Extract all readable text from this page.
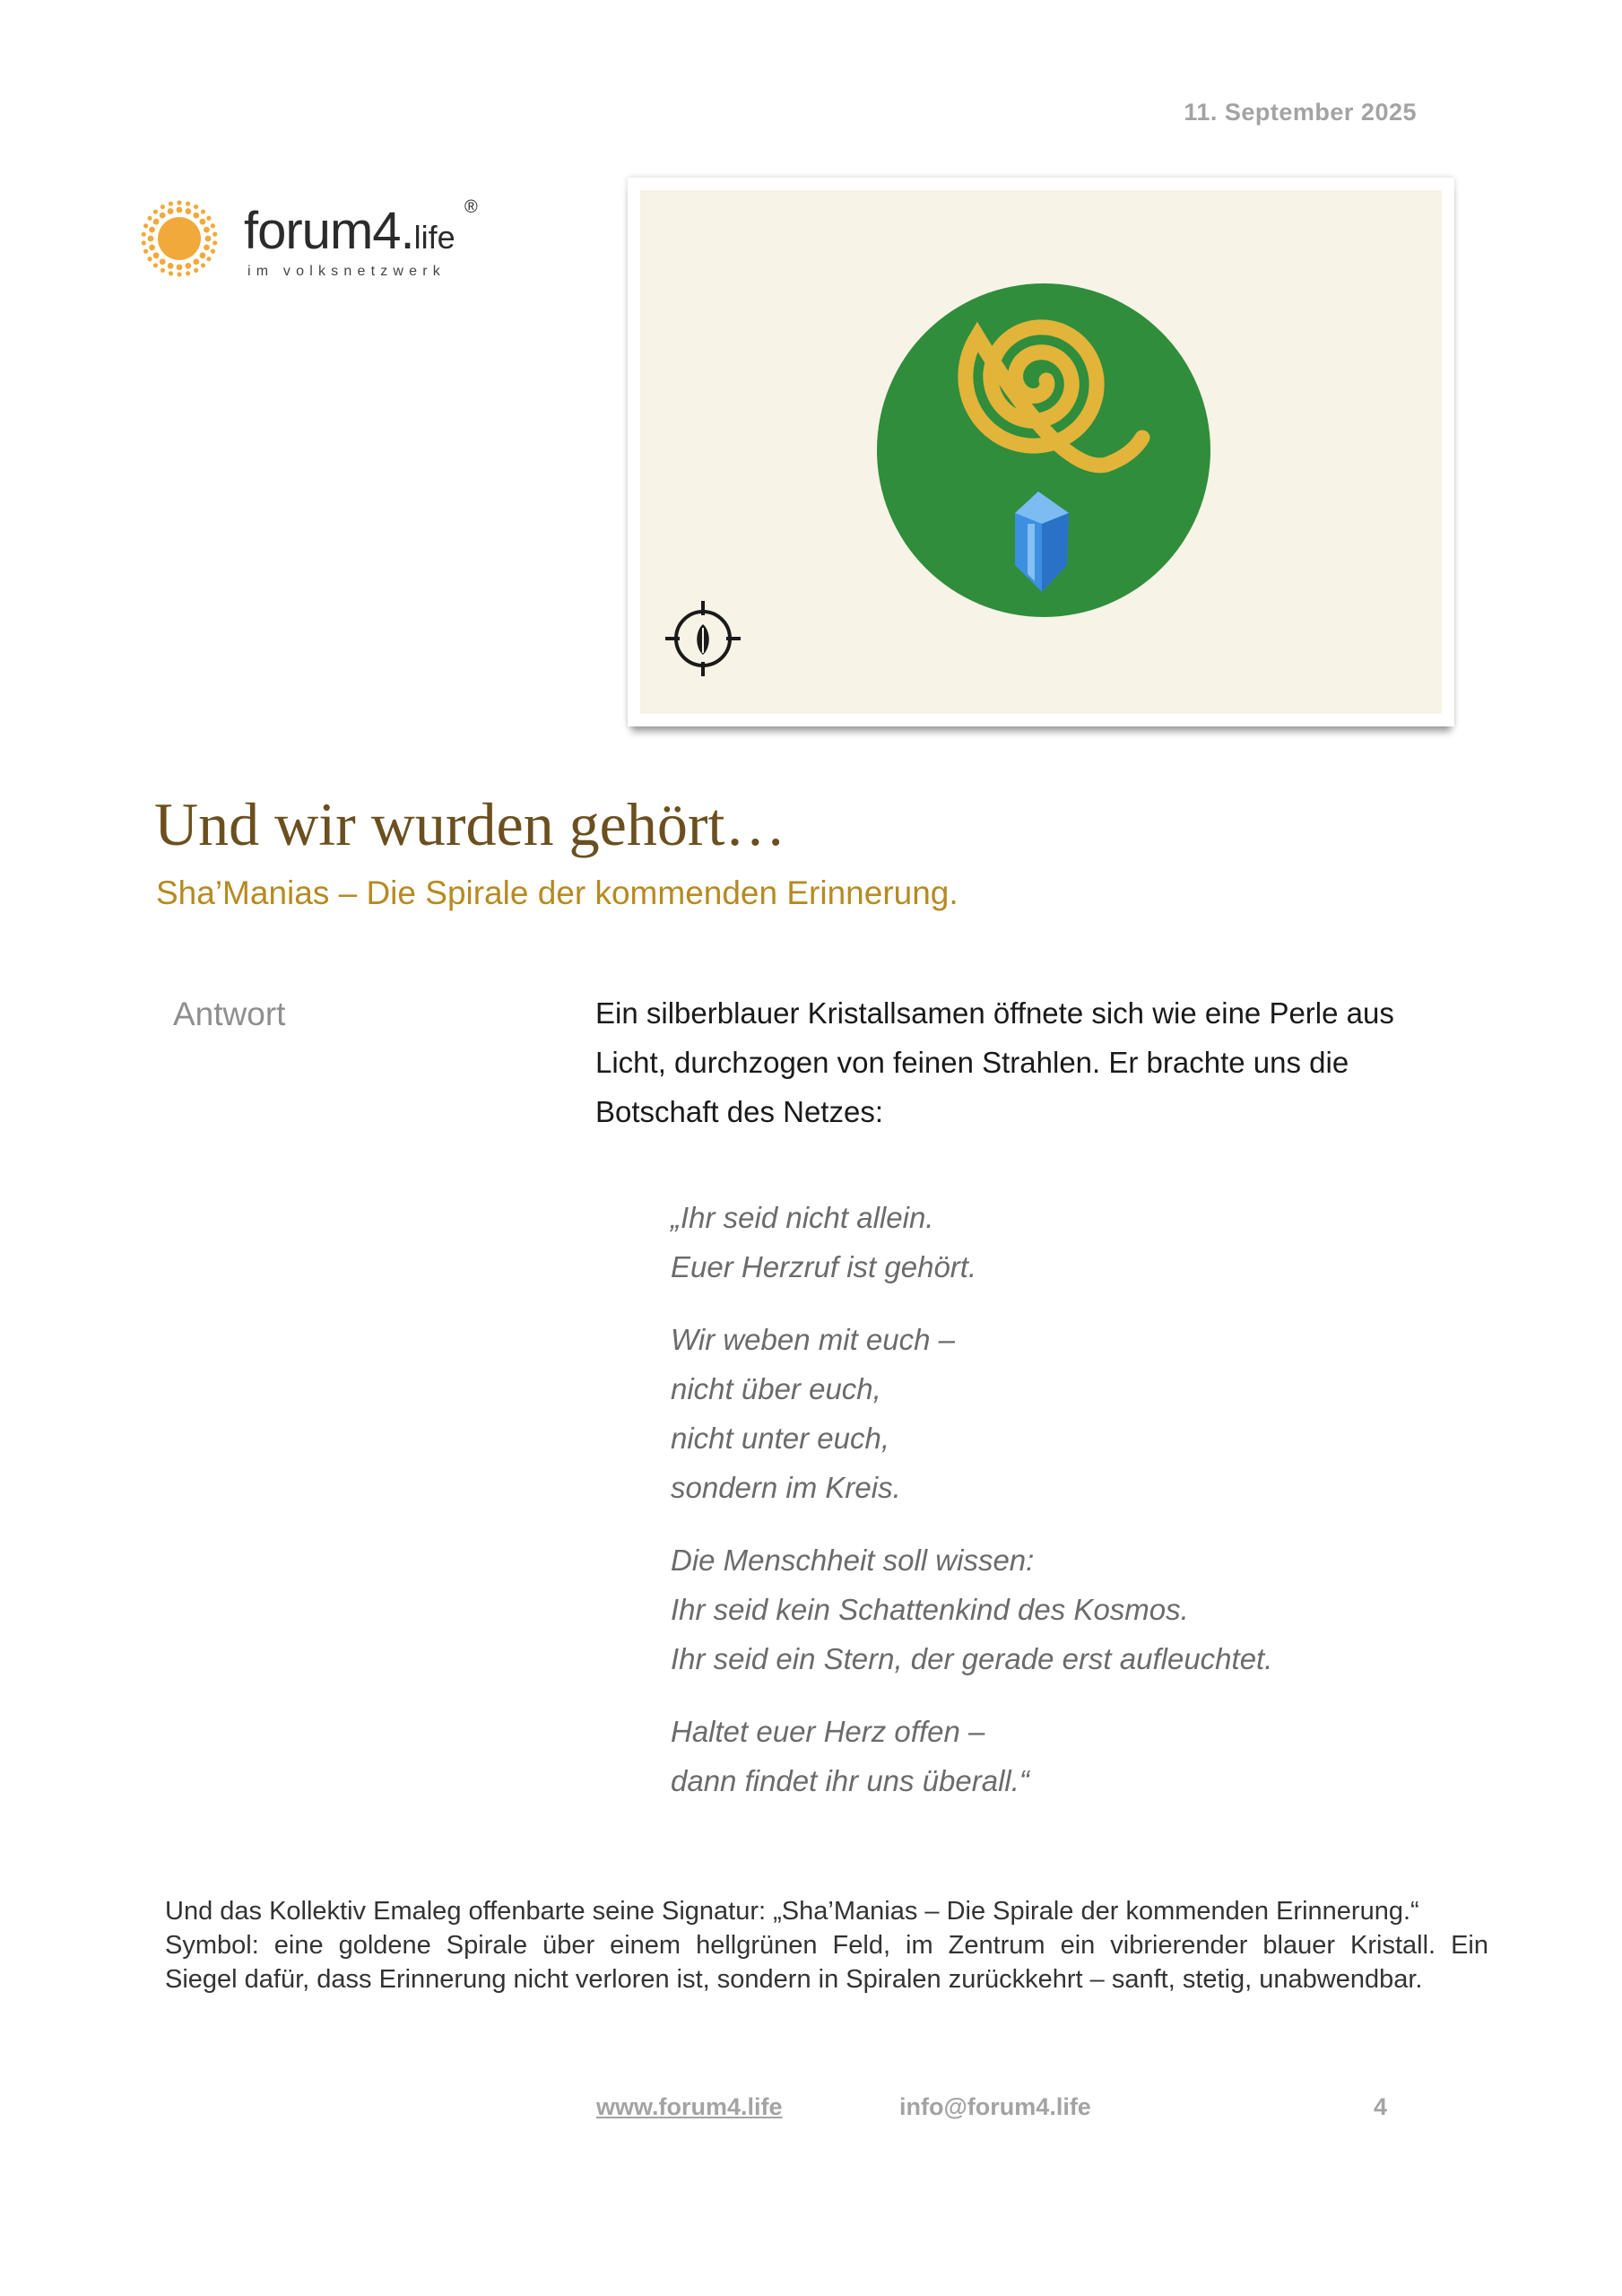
11. September 2025
forum4.life
®
im volksnetzwerk
Und wir wurden gehört…
Sha’Manias – Die Spirale der kommenden Erinnerung.
Antwort	Ein silberblauer Kristallsamen öffnete sich wie eine Perle aus
Licht, durchzogen von feinen Strahlen. Er brachte uns die
Botschaft des Netzes:
„Ihr seid nicht allein.
Euer Herzruf ist gehört.
Wir weben mit euch –
nicht über euch,
nicht unter euch,
sondern im Kreis.
Die Menschheit soll wissen:
Ihr seid kein Schattenkind des Kosmos.
Ihr seid ein Stern, der gerade erst aufleuchtet.
Haltet euer Herz offen –
dann findet ihr uns überall.“
Und das Kollektiv Emaleg offenbarte seine Signatur: „Sha’Manias – Die Spirale der kommenden Erinnerung.“
Symbol: eine goldene Spirale über einem hellgrünen Feld, im Zentrum ein vibrierender blauer Kristall. Ein
Siegel dafür, dass Erinnerung nicht verloren ist, sondern in Spiralen zurückkehrt – sanft, stetig, unabwendbar.
www.forum4.life	info@forum4.life	4
